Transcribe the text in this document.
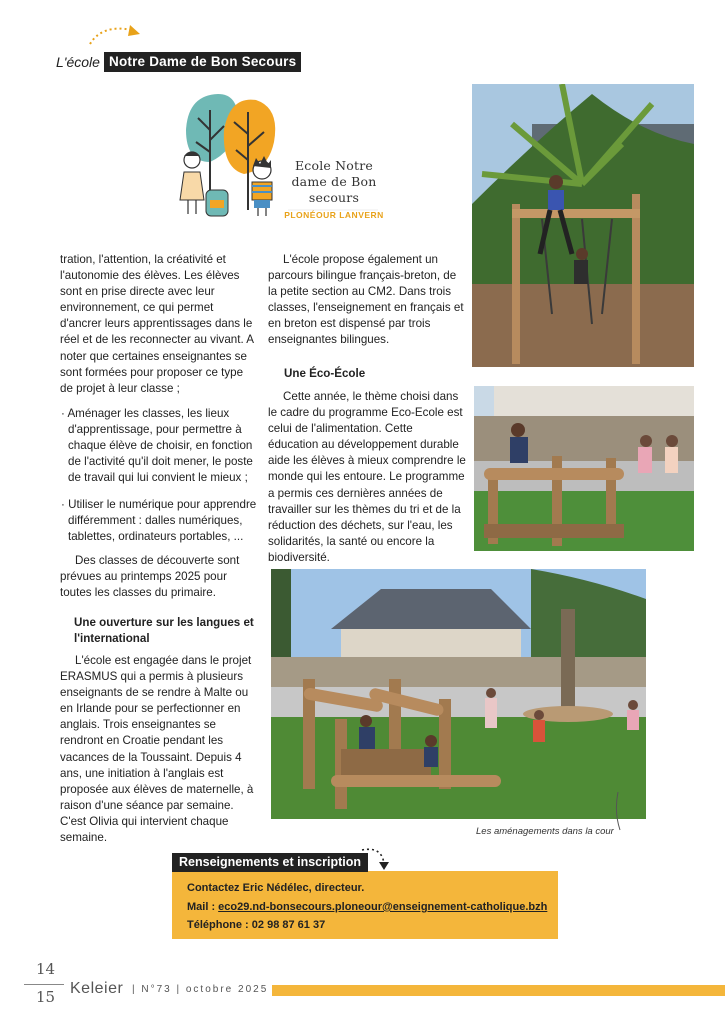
L'école Notre Dame de Bon Secours
Ecole Notre dame de Bon secours
PLONÉOUR LANVERN
tration, l'attention, la créativité et l'autonomie des élèves. Les élèves sont en prise directe avec leur environnement, ce qui permet d'ancrer leurs apprentissages dans le réel et de les reconnecter au vivant. A noter que certaines enseignantes se sont formées pour proposer ce type de projet à leur classe ;
· Aménager les classes, les lieux d'apprentissage, pour permettre à chaque élève de choisir, en fonction de l'activité qu'il doit mener, le poste de travail qui lui convient le mieux ;
· Utiliser le numérique pour apprendre différemment : dalles numériques, tablettes, ordinateurs portables, ...
Des classes de découverte sont prévues au printemps 2025 pour toutes les classes du primaire.
Une ouverture sur les langues et l'international
L'école est engagée dans le projet ERASMUS qui a permis à plusieurs enseignants de se rendre à Malte ou en Irlande pour se perfectionner en anglais. Trois enseignantes se rendront en Croatie pendant les vacances de la Toussaint. Depuis 4 ans, une initiation à l'anglais est proposée aux élèves de maternelle, à raison d'une séance par semaine. C'est Olivia qui intervient chaque semaine.
L'école propose également un parcours bilingue français-breton, de la petite section au CM2. Dans trois classes, l'enseignement en français et en breton est dispensé par trois enseignantes bilingues.
Une Éco-École
Cette année, le thème choisi dans le cadre du programme Eco-Ecole est celui de l'alimentation. Cette éducation au développement durable aide les élèves à mieux comprendre le monde qui les entoure. Le programme a permis ces dernières années de travailler sur les thèmes du tri et de la réduction des déchets, sur l'eau, les solidarités, la santé ou encore la biodiversité.
Les aménagements dans la cour
Renseignements et inscription
Contactez Eric Nédélec, directeur.
Mail : eco29.nd-bonsecours.ploneour@enseignement-catholique.bzh
Téléphone : 02 98 87 61 37
14
15 Keleier | N°73 | octobre 2025
